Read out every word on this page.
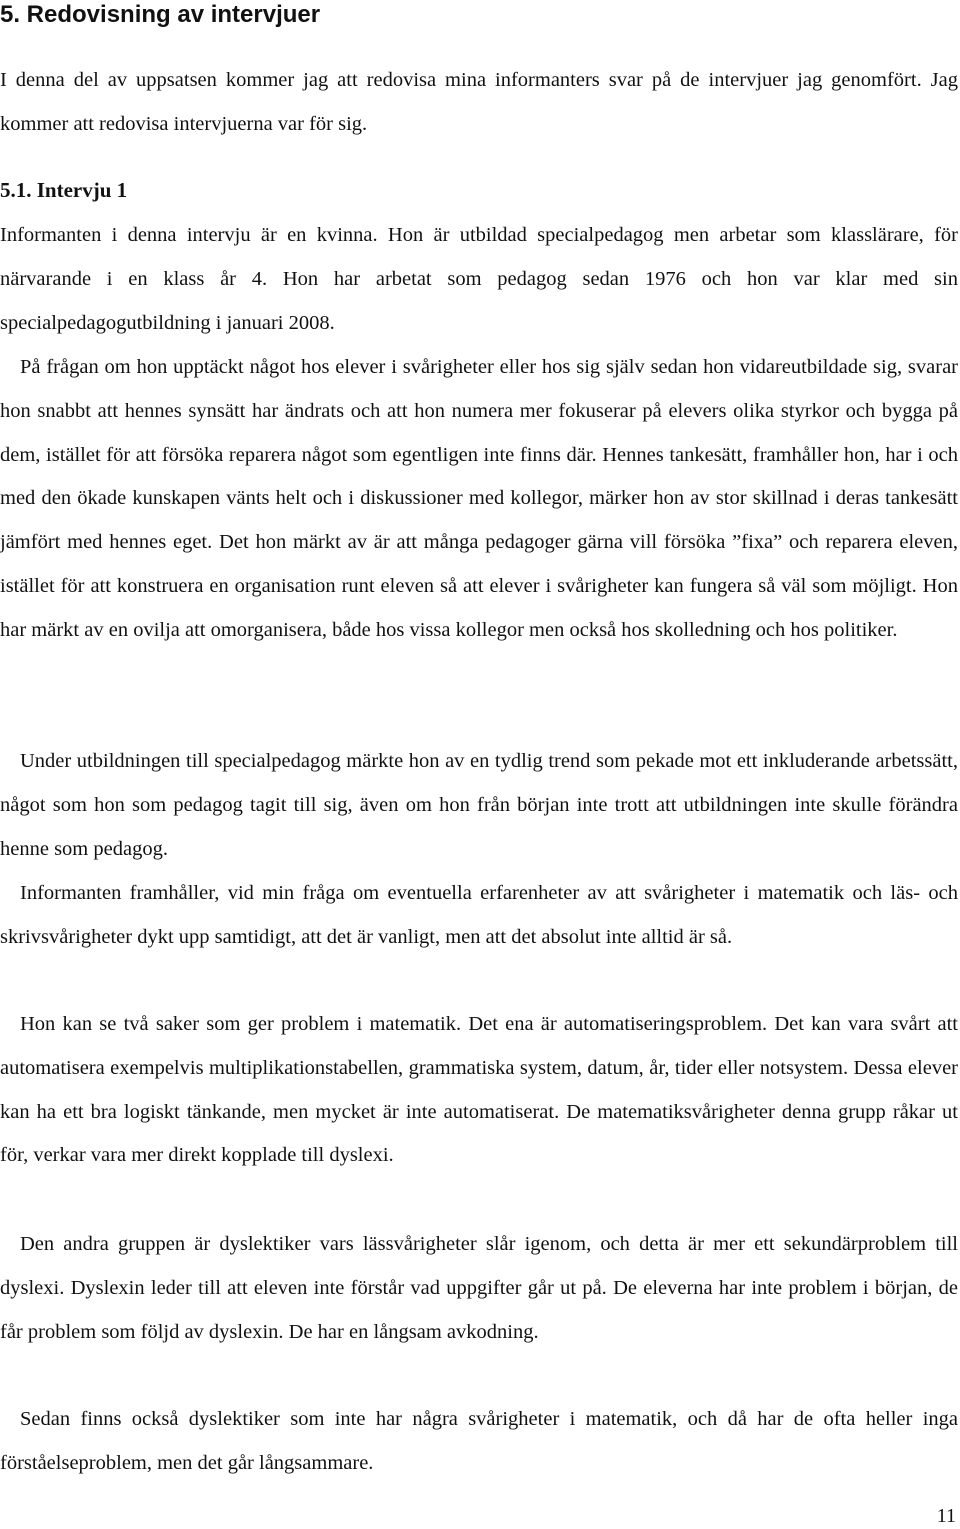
5. Redovisning av intervjuer

I denna del av uppsatsen kommer jag att redovisa mina informanters svar på de intervjuer jag genomfört. Jag kommer att redovisa intervjuerna var för sig.

5.1. Intervju 1

Informanten i denna intervju är en kvinna. Hon är utbildad specialpedagog men arbetar som klasslärare, för närvarande i en klass år 4. Hon har arbetat som pedagog sedan 1976 och hon var klar med sin specialpedagogutbildning i januari 2008.

På frågan om hon upptäckt något hos elever i svårigheter eller hos sig själv sedan hon vidareutbildade sig, svarar hon snabbt att hennes synsätt har ändrats och att hon numera mer fokuserar på elevers olika styrkor och bygga på dem, istället för att försöka reparera något som egentligen inte finns där. Hennes tankesätt, framhåller hon, har i och med den ökade kunskapen vänts helt och i diskussioner med kollegor, märker hon av stor skillnad i deras tankesätt jämfört med hennes eget. Det hon märkt av är att många pedagoger gärna vill försöka ”fixa” och reparera eleven, istället för att konstruera en organisation runt eleven så att elever i svårigheter kan fungera så väl som möjligt. Hon har märkt av en ovilja att omorganisera, både hos vissa kollegor men också hos skolledning och hos politiker.

Under utbildningen till specialpedagog märkte hon av en tydlig trend som pekade mot ett inkluderande arbetssätt, något som hon som pedagog tagit till sig, även om hon från början inte trott att utbildningen inte skulle förändra henne som pedagog.

Informanten framhåller, vid min fråga om eventuella erfarenheter av att svårigheter i matematik och läs- och skrivsvårigheter dykt upp samtidigt, att det är vanligt, men att det absolut inte alltid är så.

Hon kan se två saker som ger problem i matematik. Det ena är automatiseringsproblem. Det kan vara svårt att automatisera exempelvis multiplikationstabellen, grammatiska system, datum, år, tider eller notsystem. Dessa elever kan ha ett bra logiskt tänkande, men mycket är inte automatiserat. De matematiksvårigheter denna grupp råkar ut för, verkar vara mer direkt kopplade till dyslexi.

Den andra gruppen är dyslektiker vars lässvårigheter slår igenom, och detta är mer ett sekundärproblem till dyslexi. Dyslexin leder till att eleven inte förstår vad uppgifter går ut på. De eleverna har inte problem i början, de får problem som följd av dyslexin. De har en långsam avkodning.

Sedan finns också dyslektiker som inte har några svårigheter i matematik, och då har de ofta heller inga förståelseproblem, men det går långsammare.

11
